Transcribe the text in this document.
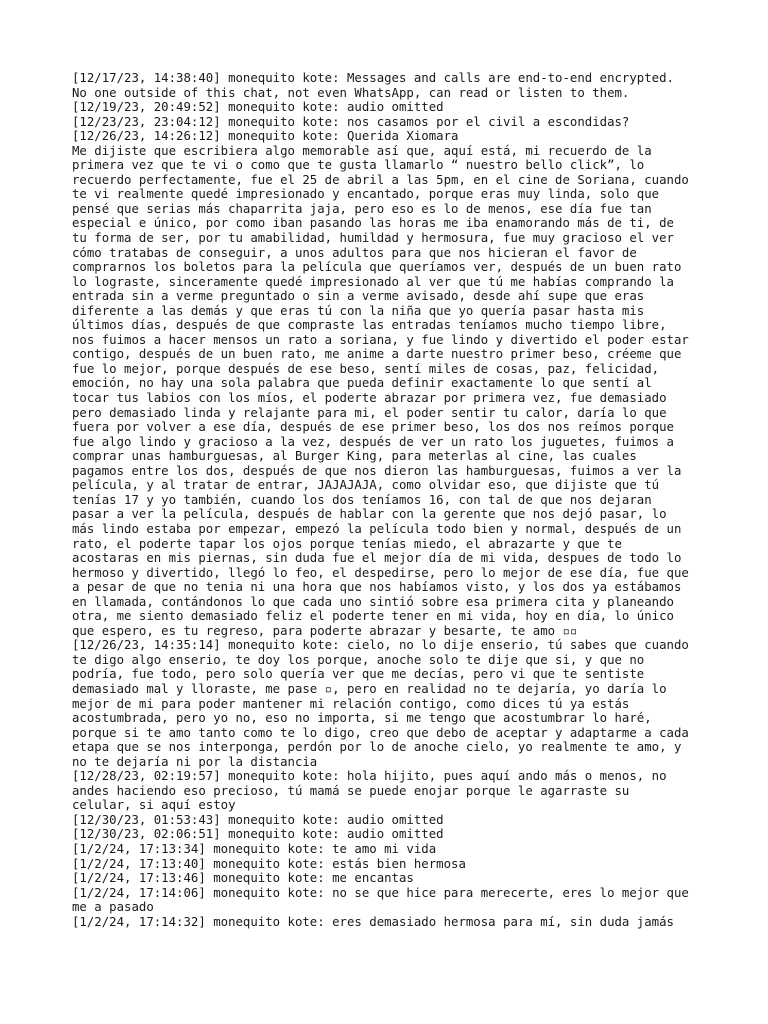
[12/17/23, 14:38:40] monequito kote: Messages and calls are end-to-end encrypted.
No one outside of this chat, not even WhatsApp, can read or listen to them.
[12/19/23, 20:49:52] monequito kote: audio omitted
[12/23/23, 23:04:12] monequito kote: nos casamos por el civil a escondidas?
[12/26/23, 14:26:12] monequito kote: Querida Xiomara
Me dijiste que escribiera algo memorable así que, aquí está, mi recuerdo de la
primera vez que te vi o como que te gusta llamarlo “ nuestro bello click”, lo
recuerdo perfectamente, fue el 25 de abril a las 5pm, en el cine de Soriana, cuando
te vi realmente quedé impresionado y encantado, porque eras muy linda, solo que
pensé que serias más chaparrita jaja, pero eso es lo de menos, ese día fue tan
especial e único, por como iban pasando las horas me iba enamorando más de ti, de
tu forma de ser, por tu amabilidad, humildad y hermosura, fue muy gracioso el ver
cómo tratabas de conseguir, a unos adultos para que nos hicieran el favor de
comprarnos los boletos para la película que queríamos ver, después de un buen rato
lo lograste, sinceramente quedé impresionado al ver que tú me habías comprando la
entrada sin a verme preguntado o sin a verme avisado, desde ahí supe que eras
diferente a las demás y que eras tú con la niña que yo quería pasar hasta mis
últimos días, después de que compraste las entradas teníamos mucho tiempo libre,
nos fuimos a hacer mensos un rato a soriana, y fue lindo y divertido el poder estar
contigo, después de un buen rato, me anime a darte nuestro primer beso, créeme que
fue lo mejor, porque después de ese beso, sentí miles de cosas, paz, felicidad,
emoción, no hay una sola palabra que pueda definir exactamente lo que sentí al
tocar tus labios con los míos, el poderte abrazar por primera vez, fue demasiado
pero demasiado linda y relajante para mi, el poder sentir tu calor, daría lo que
fuera por volver a ese día, después de ese primer beso, los dos nos reímos porque
fue algo lindo y gracioso a la vez, después de ver un rato los juguetes, fuimos a
comprar unas hamburguesas, al Burger King, para meterlas al cine, las cuales
pagamos entre los dos, después de que nos dieron las hamburguesas, fuimos a ver la
película, y al tratar de entrar, JAJAJAJA, como olvidar eso, que dijiste que tú
tenías 17 y yo también, cuando los dos teníamos 16, con tal de que nos dejaran
pasar a ver la película, después de hablar con la gerente que nos dejó pasar, lo
más lindo estaba por empezar, empezó la película todo bien y normal, después de un
rato, el poderte tapar los ojos porque tenías miedo, el abrazarte y que te
acostaras en mis piernas, sin duda fue el mejor día de mi vida, despues de todo lo
hermoso y divertido, llegó lo feo, el despedirse, pero lo mejor de ese día, fue que
a pesar de que no tenia ni una hora que nos habíamos visto, y los dos ya estábamos
en llamada, contándonos lo que cada uno sintió sobre esa primera cita y planeando
otra, me siento demasiado feliz el poderte tener en mi vida, hoy en día, lo único
que espero, es tu regreso, para poderte abrazar y besarte, te amo ▫▫
[12/26/23, 14:35:14] monequito kote: cielo, no lo dije enserio, tú sabes que cuando
te digo algo enserio, te doy los porque, anoche solo te dije que si, y que no
podría, fue todo, pero solo quería ver que me decías, pero vi que te sentiste
demasiado mal y lloraste, me pase ▫, pero en realidad no te dejaría, yo daría lo
mejor de mi para poder mantener mi relación contigo, como dices tú ya estás
acostumbrada, pero yo no, eso no importa, si me tengo que acostumbrar lo haré,
porque si te amo tanto como te lo digo, creo que debo de aceptar y adaptarme a cada
etapa que se nos interponga, perdón por lo de anoche cielo, yo realmente te amo, y
no te dejaría ni por la distancia
[12/28/23, 02:19:57] monequito kote: hola hijito, pues aquí ando más o menos, no
andes haciendo eso precioso, tú mamá se puede enojar porque le agarraste su
celular, si aquí estoy
[12/30/23, 01:53:43] monequito kote: audio omitted
[12/30/23, 02:06:51] monequito kote: audio omitted
[1/2/24, 17:13:34] monequito kote: te amo mi vida
[1/2/24, 17:13:40] monequito kote: estás bien hermosa
[1/2/24, 17:13:46] monequito kote: me encantas
[1/2/24, 17:14:06] monequito kote: no se que hice para merecerte, eres lo mejor que
me a pasado
[1/2/24, 17:14:32] monequito kote: eres demasiado hermosa para mí, sin duda jamás
